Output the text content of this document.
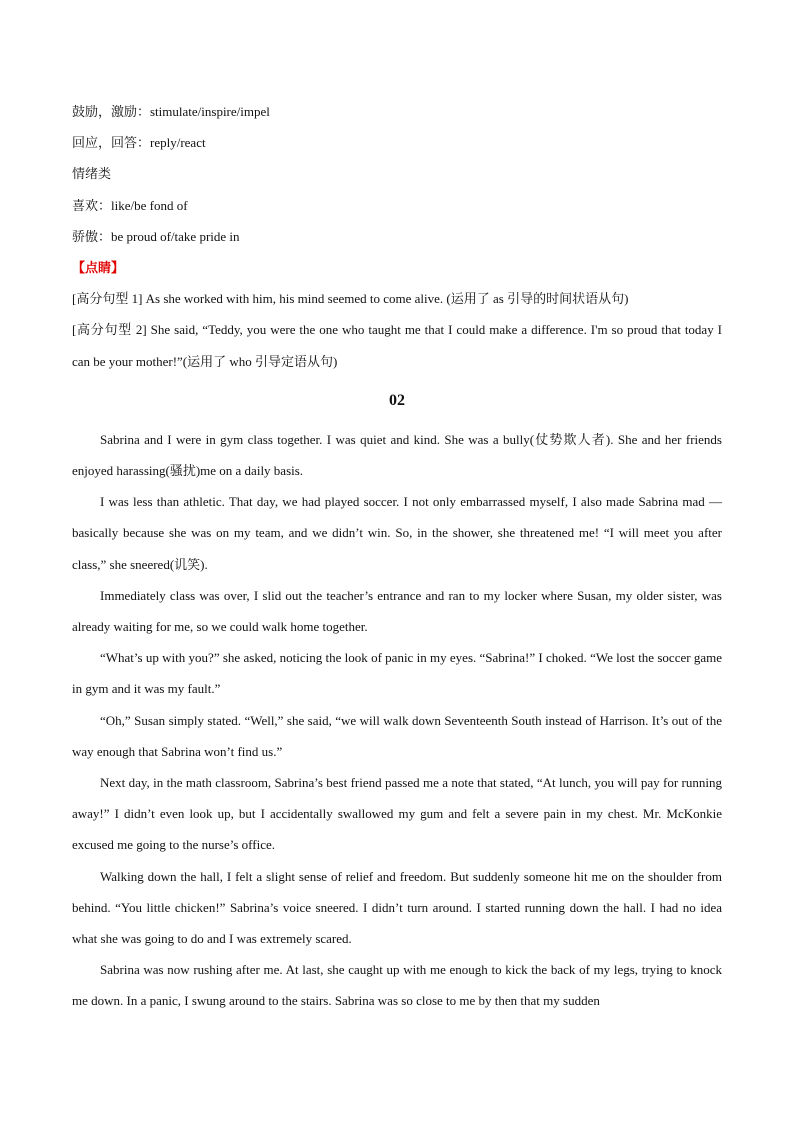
鼓励，激励：stimulate/inspire/impel
回应，回答：reply/react
情绪类
喜欢：like/be fond of
骄傲：be proud of/take pride in
【点睛】
[高分句型 1] As she worked with him, his mind seemed to come alive. (运用了 as 引导的时间状语从句)

[高分句型 2] She said, “Teddy, you were the one who taught me that I could make a difference. I'm so proud that today I can be your mother!”(运用了 who 引导定语从句)

02

Sabrina and I were in gym class together. I was quiet and kind. She was a bully(仗势欺人者). She and her friends enjoyed harassing(骚扰)me on a daily basis.

I was less than athletic. That day, we had played soccer. I not only embarrassed myself, I also made Sabrina mad — basically because she was on my team, and we didn’t win. So, in the shower, she threatened me! “I will meet you after class,” she sneered(讥笑).

Immediately class was over, I slid out the teacher’s entrance and ran to my locker where Susan, my older sister, was already waiting for me, so we could walk home together.

“What’s up with you?” she asked, noticing the look of panic in my eyes. “Sabrina!” I choked. “We lost the soccer game in gym and it was my fault.”

“Oh,” Susan simply stated. “Well,” she said, “we will walk down Seventeenth South instead of Harrison. It’s out of the way enough that Sabrina won’t find us.”

Next day, in the math classroom, Sabrina’s best friend passed me a note that stated, “At lunch, you will pay for running away!” I didn’t even look up, but I accidentally swallowed my gum and felt a severe pain in my chest. Mr. McKonkie excused me going to the nurse’s office.

Walking down the hall, I felt a slight sense of relief and freedom. But suddenly someone hit me on the shoulder from behind. “You little chicken!” Sabrina’s voice sneered. I didn’t turn around. I started running down the hall. I had no idea what she was going to do and I was extremely scared.

Sabrina was now rushing after me. At last, she caught up with me enough to kick the back of my legs, trying to knock me down. In a panic, I swung around to the stairs. Sabrina was so close to me by then that my sudden
